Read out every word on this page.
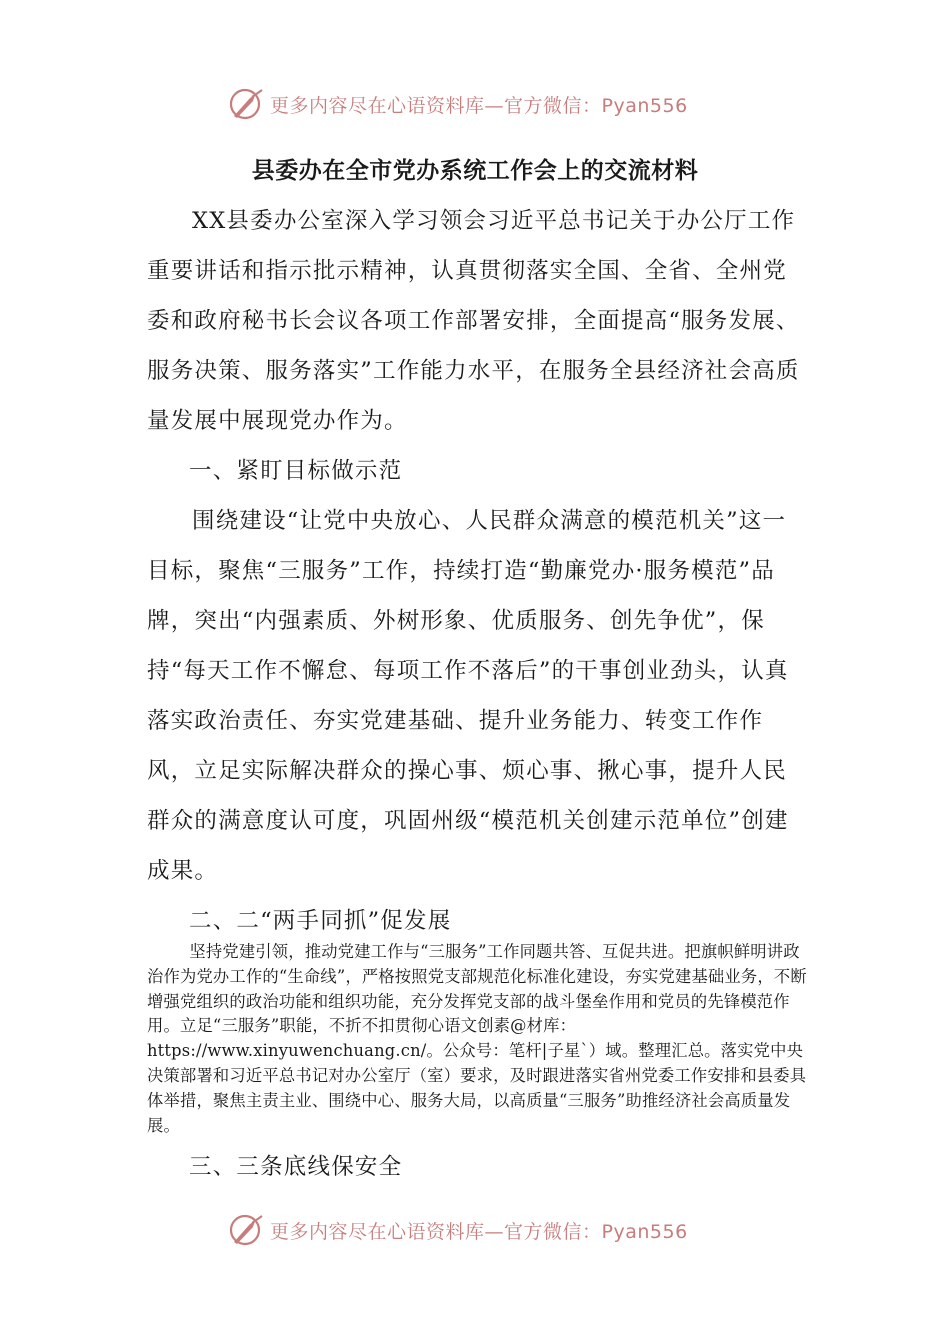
更多内容尽在心语资料库—官方微信：Pyan556
县委办在全市党办系统工作会上的交流材料
XX县委办公室深入学习领会习近平总书记关于办公厅工作重要讲话和指示批示精神，认真贯彻落实全国、全省、全州党委和政府秘书长会议各项工作部署安排，全面提高“服务发展、服务决策、服务落实”工作能力水平，在服务全县经济社会高质量发展中展现党办作为。
一、紧盯目标做示范
围绕建设“让党中央放心、人民群众满意的模范机关”这一目标，聚焦“三服务”工作，持续打造“勤廉党办·服务模范”品牌，突出“内强素质、外树形象、优质服务、创先争优”，保持“每天工作不懈怠、每项工作不落后”的干事创业劲头，认真落实政治责任、夯实党建基础、提升业务能力、转变工作作风，立足实际解决群众的操心事、烦心事、揪心事，提升人民群众的满意度认可度，巩固州级“模范机关创建示范单位”创建成果。
二、二“两手同抓”促发展

坚持党建引领，推动党建工作与“三服务”工作同题共答、互促共进。把旗帜鲜明讲政治作为党办工作的“生命线”，严格按照党支部规范化标准化建设，夯实党建基础业务，不断增强党组织的政治功能和组织功能，充分发挥党支部的战斗堡垒作用和党员的先锋模范作用。立足“三服务”职能，不折不扣贯彻心语文创素@材库：https://www.xinyuwenchuang.cn/。公众号：笔杆|子星`）域。整理汇总。落实党中央决策部署和习近平总书记对办公室厅（室）要求，及时跟进落实省州党委工作安排和县委具体举措，聚焦主责主业、围绕中心、服务大局，以高质量“三服务”助推经济社会高质量发展。

三、三条底线保安全
更多内容尽在心语资料库—官方微信：Pyan556
